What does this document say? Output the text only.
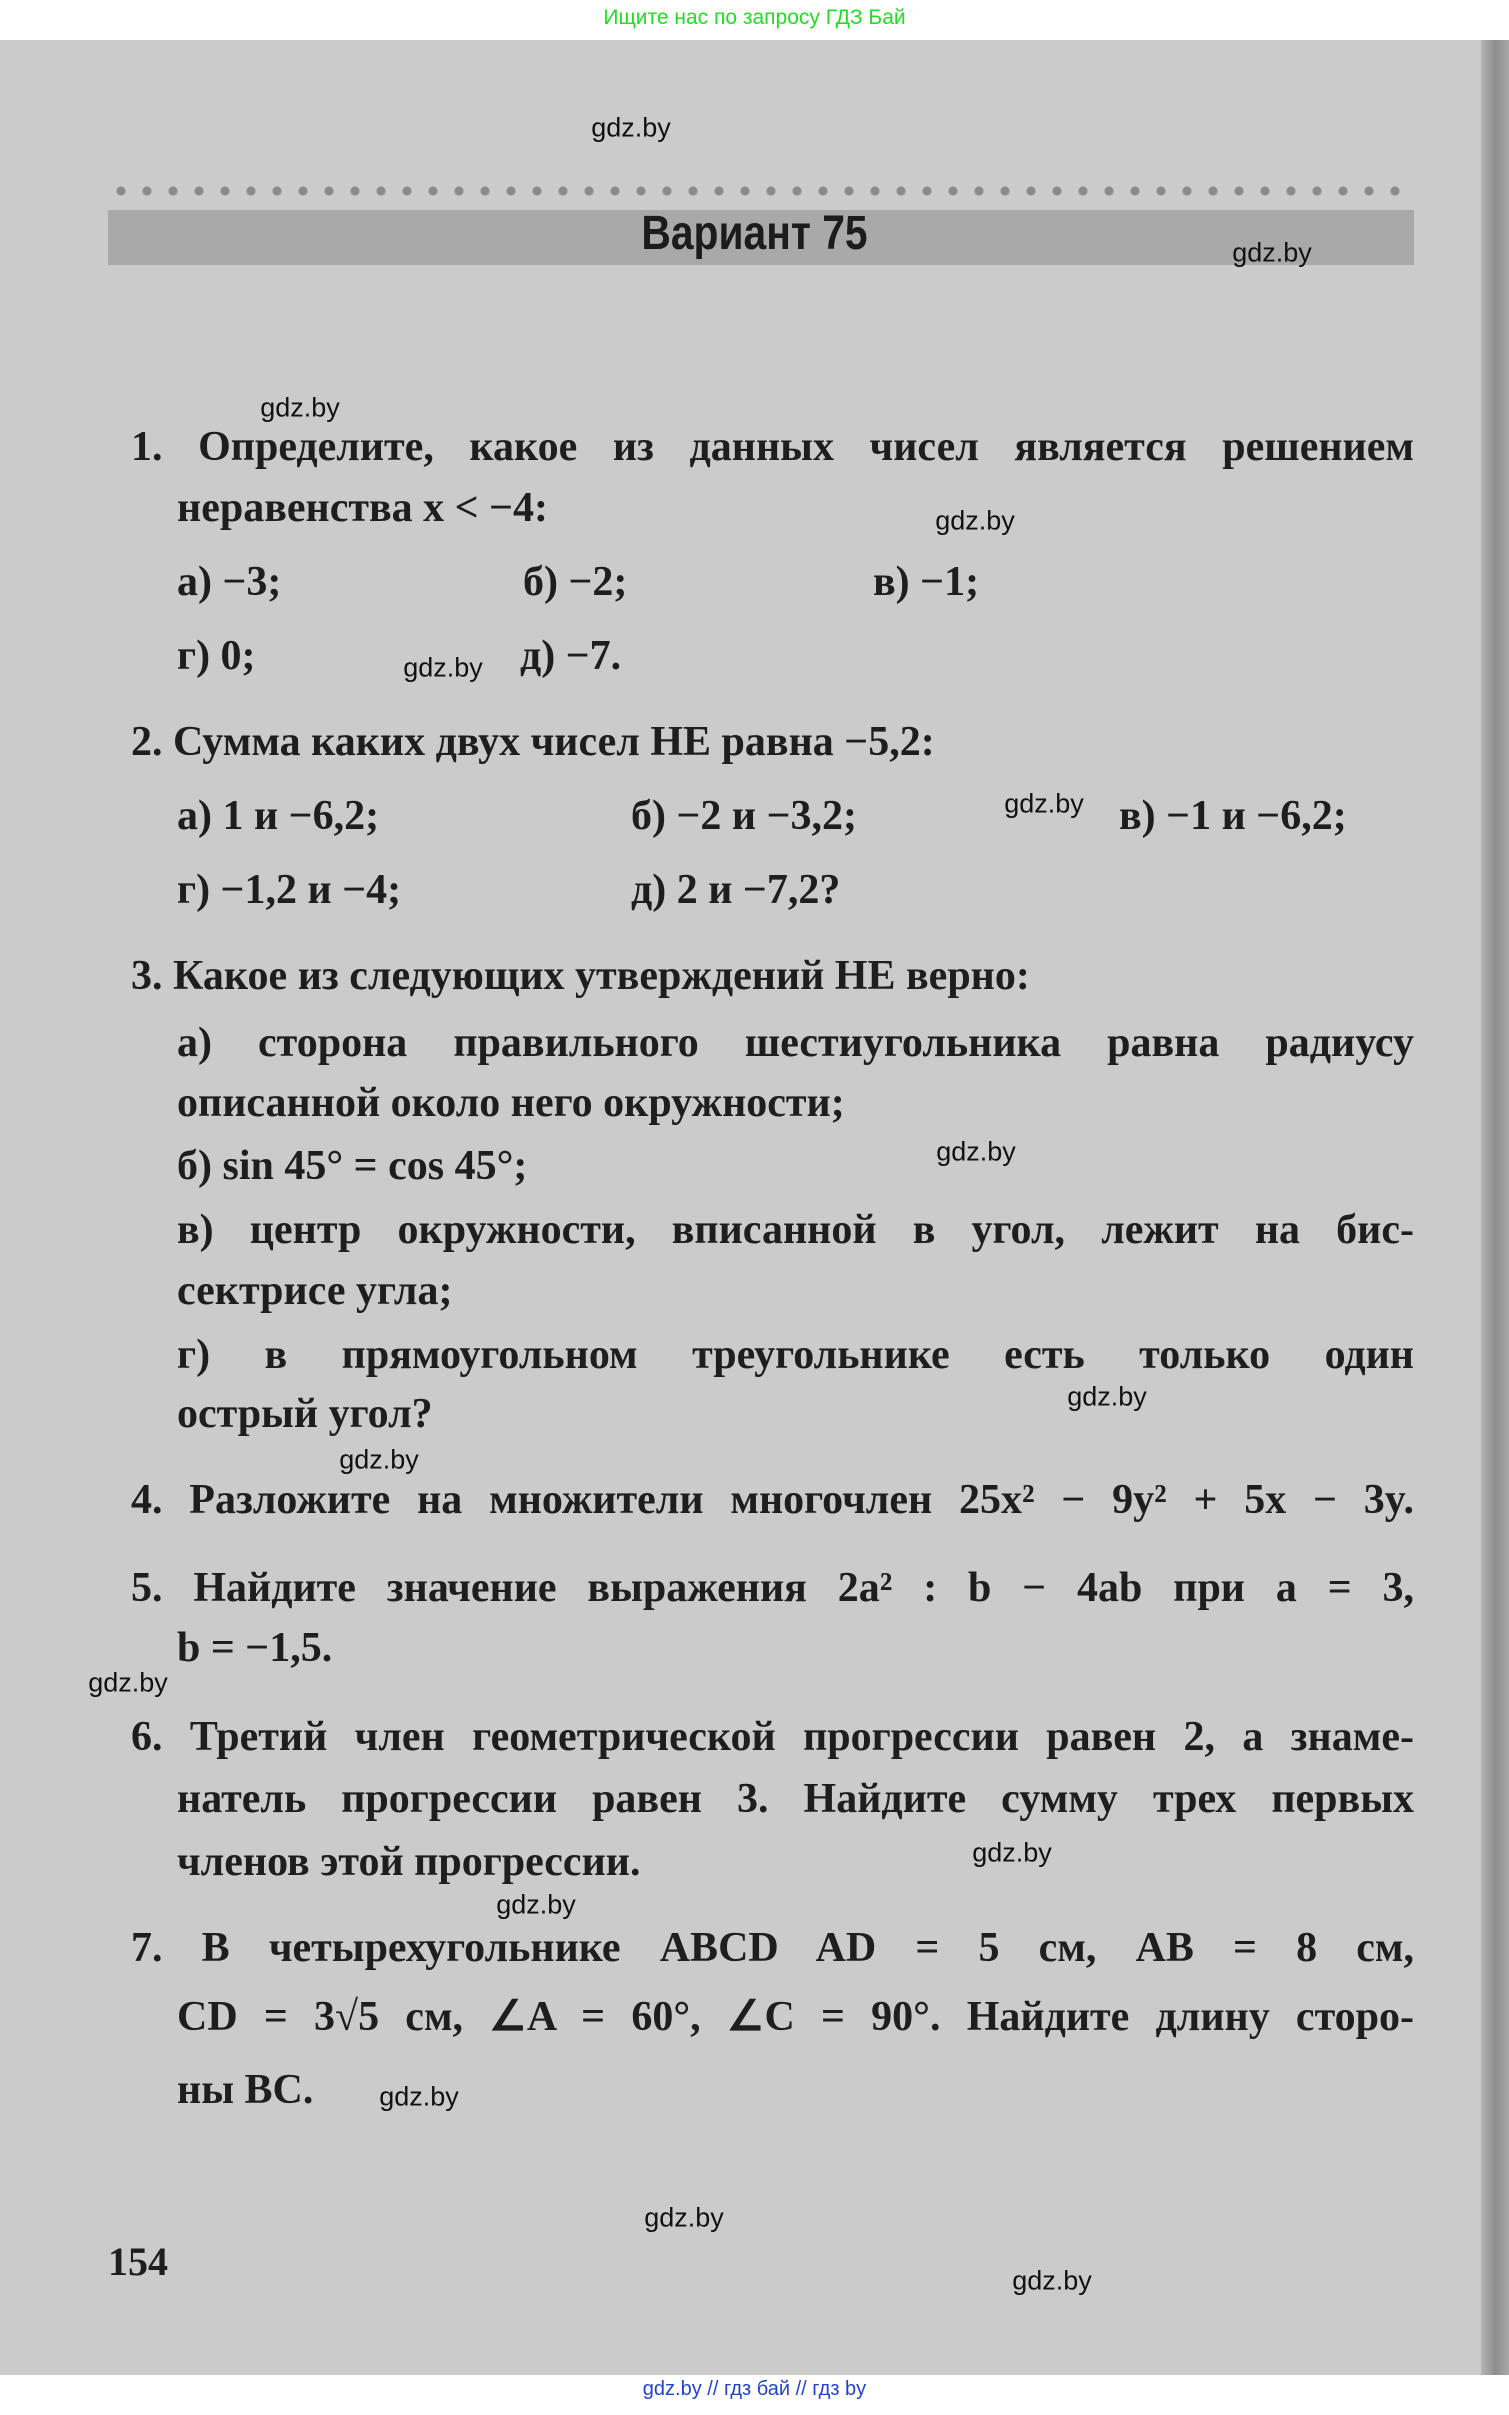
Ищите нас по запросу ГДЗ Бай
Вариант 75
1. Определите, какое из данных чисел является решением
неравенства x < −4:
а) −3;	б) −2;	в) −1;
г) 0;	д) −7.
2. Сумма каких двух чисел НЕ равна −5,2:
а) 1 и −6,2;	б) −2 и −3,2;	в) −1 и −6,2;
г) −1,2 и −4;	д) 2 и −7,2?
3. Какое из следующих утверждений НЕ верно:
а) сторона правильного шестиугольника равна радиусу
описанной около него окружности;
б) sin 45° = cos 45°;
в) центр окружности, вписанной в угол, лежит на бис-
сектрисе угла;
г) в прямоугольном треугольнике есть только один
острый угол?
4. Разложите на множители многочлен 25x² − 9y² + 5x − 3y.
5. Найдите значение выражения 2a² : b − 4ab при a = 3,
b = −1,5.
6. Третий член геометрической прогрессии равен 2, а знаме-
натель прогрессии равен 3. Найдите сумму трех первых
членов этой прогрессии.
7. В четырехугольнике ABCD AD = 5 см, AB = 8 см,
CD = 3√5 см, ∠A = 60°, ∠C = 90°. Найдите длину сторо-
ны BC.
154
gdz.by
gdz.by
gdz.by
gdz.by
gdz.by
gdz.by
gdz.by
gdz.by
gdz.by
gdz.by
gdz.by
gdz.by
gdz.by
gdz.by
gdz.by
gdz.by // гдз бай // гдз by
